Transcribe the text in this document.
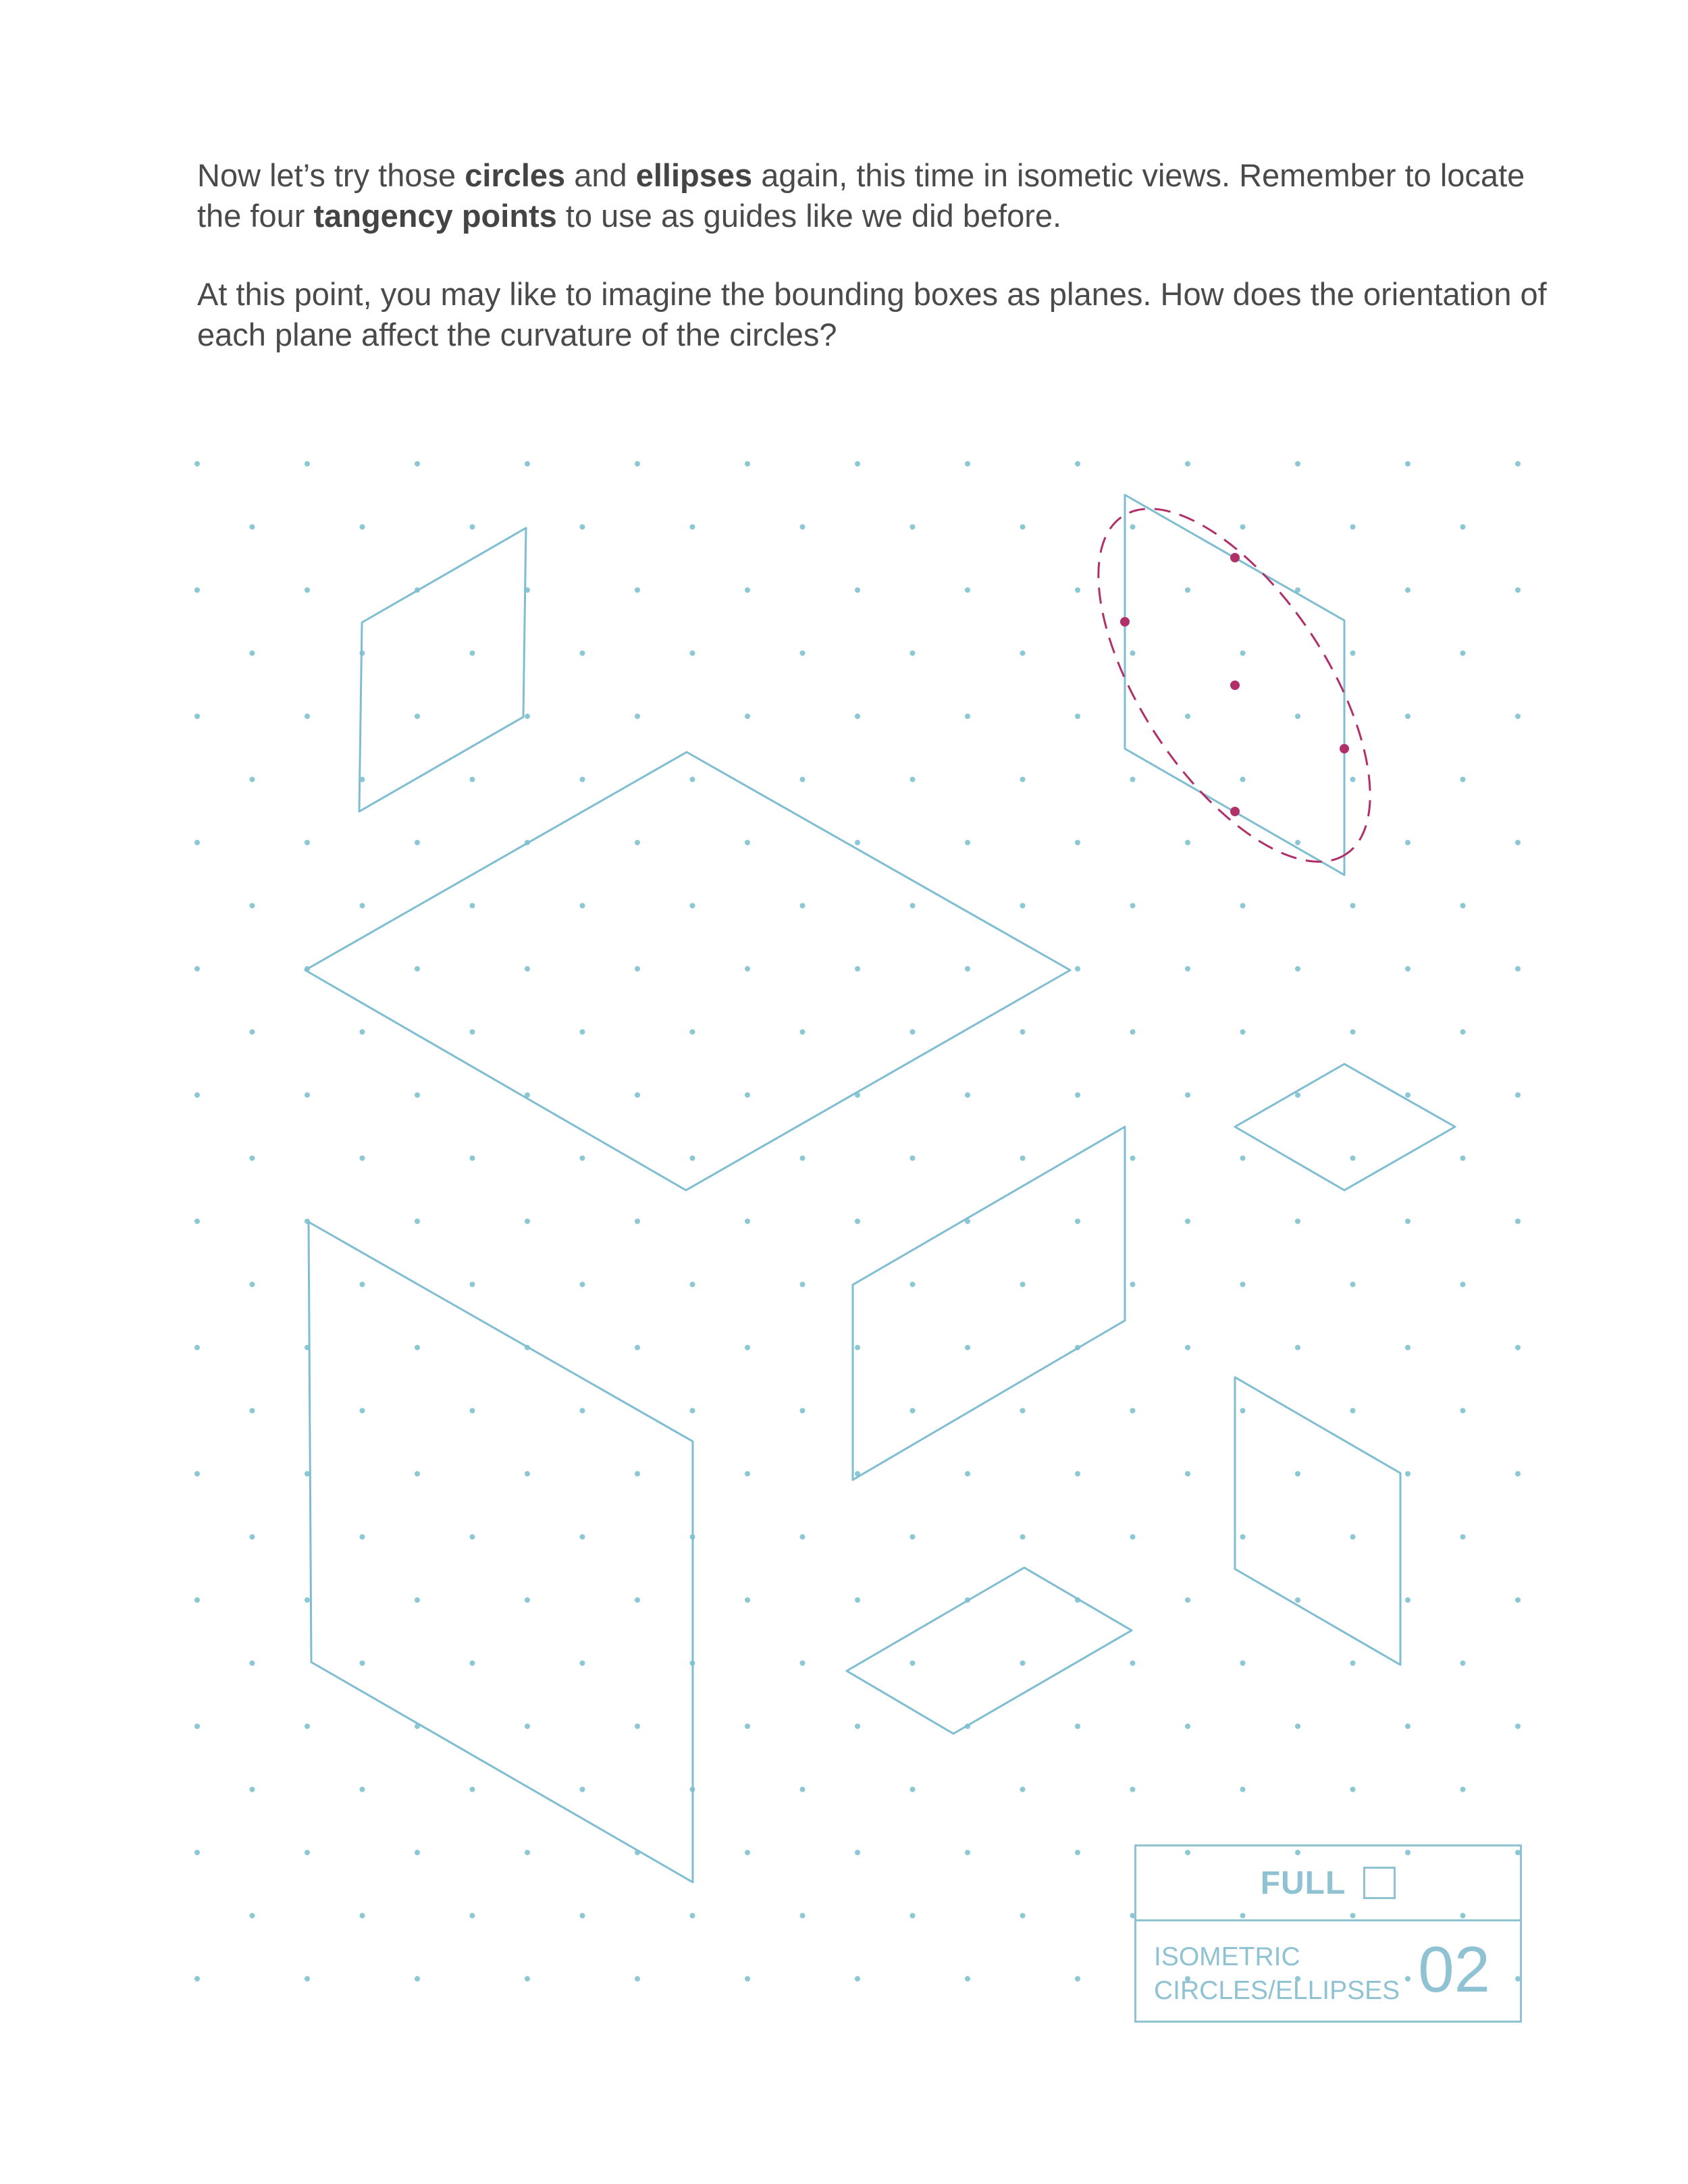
Now let’s try those circles and ellipses again, this time in isometic views. Remember to locate the four tangency points to use as guides like we did before.

At this point, you may like to imagine the bounding boxes as planes. How does the orientation of each plane affect the curvature of the circles?

FULL
ISOMETRIC
CIRCLES/ELLIPSES 02
